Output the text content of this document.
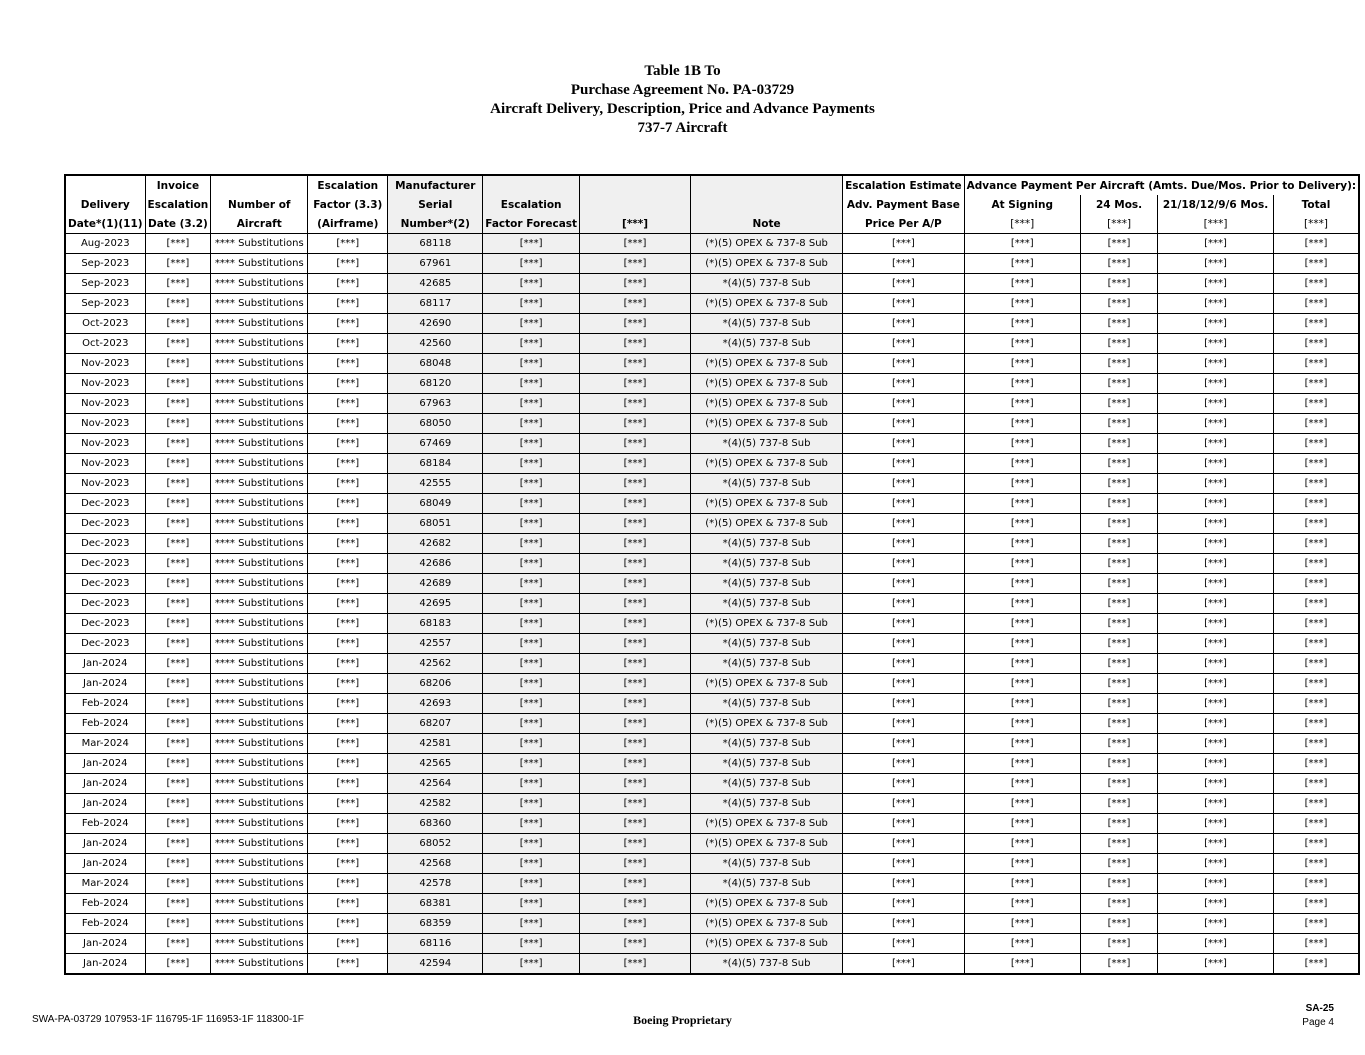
Table 1B To
Purchase Agreement No. PA-03729
Aircraft Delivery, Description, Price and Advance Payments
737-7 Aircraft
	Invoice		Escalation	Manufacturer				Escalation Estimate	Advance Payment Per Aircraft (Amts. Due/Mos. Prior to Delivery):			
Delivery	Escalation	Number of	Factor (3.3)	Serial	Escalation			Adv. Payment Base	At Signing	24 Mos.	21/18/12/9/6 Mos.	Total
Date*(1)(11)	Date (3.2)	Aircraft	(Airframe)	Number*(2)	Factor Forecast	[***]	Note	Price Per A/P	[***]	[***]	[***]	[***]
Aug-2023	[***]	**** Substitutions	[***]	68118	[***]	[***]	(*)(5) OPEX & 737-8 Sub	[***]	[***]	[***]	[***]	[***]
Sep-2023	[***]	**** Substitutions	[***]	67961	[***]	[***]	(*)(5) OPEX & 737-8 Sub	[***]	[***]	[***]	[***]	[***]
Sep-2023	[***]	**** Substitutions	[***]	42685	[***]	[***]	*(4)(5) 737-8 Sub	[***]	[***]	[***]	[***]	[***]
Sep-2023	[***]	**** Substitutions	[***]	68117	[***]	[***]	(*)(5) OPEX & 737-8 Sub	[***]	[***]	[***]	[***]	[***]
Oct-2023	[***]	**** Substitutions	[***]	42690	[***]	[***]	*(4)(5) 737-8 Sub	[***]	[***]	[***]	[***]	[***]
Oct-2023	[***]	**** Substitutions	[***]	42560	[***]	[***]	*(4)(5) 737-8 Sub	[***]	[***]	[***]	[***]	[***]
Nov-2023	[***]	**** Substitutions	[***]	68048	[***]	[***]	(*)(5) OPEX & 737-8 Sub	[***]	[***]	[***]	[***]	[***]
Nov-2023	[***]	**** Substitutions	[***]	68120	[***]	[***]	(*)(5) OPEX & 737-8 Sub	[***]	[***]	[***]	[***]	[***]
Nov-2023	[***]	**** Substitutions	[***]	67963	[***]	[***]	(*)(5) OPEX & 737-8 Sub	[***]	[***]	[***]	[***]	[***]
Nov-2023	[***]	**** Substitutions	[***]	68050	[***]	[***]	(*)(5) OPEX & 737-8 Sub	[***]	[***]	[***]	[***]	[***]
Nov-2023	[***]	**** Substitutions	[***]	67469	[***]	[***]	*(4)(5) 737-8 Sub	[***]	[***]	[***]	[***]	[***]
Nov-2023	[***]	**** Substitutions	[***]	68184	[***]	[***]	(*)(5) OPEX & 737-8 Sub	[***]	[***]	[***]	[***]	[***]
Nov-2023	[***]	**** Substitutions	[***]	42555	[***]	[***]	*(4)(5) 737-8 Sub	[***]	[***]	[***]	[***]	[***]
Dec-2023	[***]	**** Substitutions	[***]	68049	[***]	[***]	(*)(5) OPEX & 737-8 Sub	[***]	[***]	[***]	[***]	[***]
Dec-2023	[***]	**** Substitutions	[***]	68051	[***]	[***]	(*)(5) OPEX & 737-8 Sub	[***]	[***]	[***]	[***]	[***]
Dec-2023	[***]	**** Substitutions	[***]	42682	[***]	[***]	*(4)(5) 737-8 Sub	[***]	[***]	[***]	[***]	[***]
Dec-2023	[***]	**** Substitutions	[***]	42686	[***]	[***]	*(4)(5) 737-8 Sub	[***]	[***]	[***]	[***]	[***]
Dec-2023	[***]	**** Substitutions	[***]	42689	[***]	[***]	*(4)(5) 737-8 Sub	[***]	[***]	[***]	[***]	[***]
Dec-2023	[***]	**** Substitutions	[***]	42695	[***]	[***]	*(4)(5) 737-8 Sub	[***]	[***]	[***]	[***]	[***]
Dec-2023	[***]	**** Substitutions	[***]	68183	[***]	[***]	(*)(5) OPEX & 737-8 Sub	[***]	[***]	[***]	[***]	[***]
Dec-2023	[***]	**** Substitutions	[***]	42557	[***]	[***]	*(4)(5) 737-8 Sub	[***]	[***]	[***]	[***]	[***]
Jan-2024	[***]	**** Substitutions	[***]	42562	[***]	[***]	*(4)(5) 737-8 Sub	[***]	[***]	[***]	[***]	[***]
Jan-2024	[***]	**** Substitutions	[***]	68206	[***]	[***]	(*)(5) OPEX & 737-8 Sub	[***]	[***]	[***]	[***]	[***]
Feb-2024	[***]	**** Substitutions	[***]	42693	[***]	[***]	*(4)(5) 737-8 Sub	[***]	[***]	[***]	[***]	[***]
Feb-2024	[***]	**** Substitutions	[***]	68207	[***]	[***]	(*)(5) OPEX & 737-8 Sub	[***]	[***]	[***]	[***]	[***]
Mar-2024	[***]	**** Substitutions	[***]	42581	[***]	[***]	*(4)(5) 737-8 Sub	[***]	[***]	[***]	[***]	[***]
Jan-2024	[***]	**** Substitutions	[***]	42565	[***]	[***]	*(4)(5) 737-8 Sub	[***]	[***]	[***]	[***]	[***]
Jan-2024	[***]	**** Substitutions	[***]	42564	[***]	[***]	*(4)(5) 737-8 Sub	[***]	[***]	[***]	[***]	[***]
Jan-2024	[***]	**** Substitutions	[***]	42582	[***]	[***]	*(4)(5) 737-8 Sub	[***]	[***]	[***]	[***]	[***]
Feb-2024	[***]	**** Substitutions	[***]	68360	[***]	[***]	(*)(5) OPEX & 737-8 Sub	[***]	[***]	[***]	[***]	[***]
Jan-2024	[***]	**** Substitutions	[***]	68052	[***]	[***]	(*)(5) OPEX & 737-8 Sub	[***]	[***]	[***]	[***]	[***]
Jan-2024	[***]	**** Substitutions	[***]	42568	[***]	[***]	*(4)(5) 737-8 Sub	[***]	[***]	[***]	[***]	[***]
Mar-2024	[***]	**** Substitutions	[***]	42578	[***]	[***]	*(4)(5) 737-8 Sub	[***]	[***]	[***]	[***]	[***]
Feb-2024	[***]	**** Substitutions	[***]	68381	[***]	[***]	(*)(5) OPEX & 737-8 Sub	[***]	[***]	[***]	[***]	[***]
Feb-2024	[***]	**** Substitutions	[***]	68359	[***]	[***]	(*)(5) OPEX & 737-8 Sub	[***]	[***]	[***]	[***]	[***]
Jan-2024	[***]	**** Substitutions	[***]	68116	[***]	[***]	(*)(5) OPEX & 737-8 Sub	[***]	[***]	[***]	[***]	[***]
Jan-2024	[***]	**** Substitutions	[***]	42594	[***]	[***]	*(4)(5) 737-8 Sub	[***]	[***]	[***]	[***]	[***]
SWA-PA-03729 107953-1F 116795-1F 116953-1F 118300-1F	Boeing Proprietary
SA-25
Page 4
